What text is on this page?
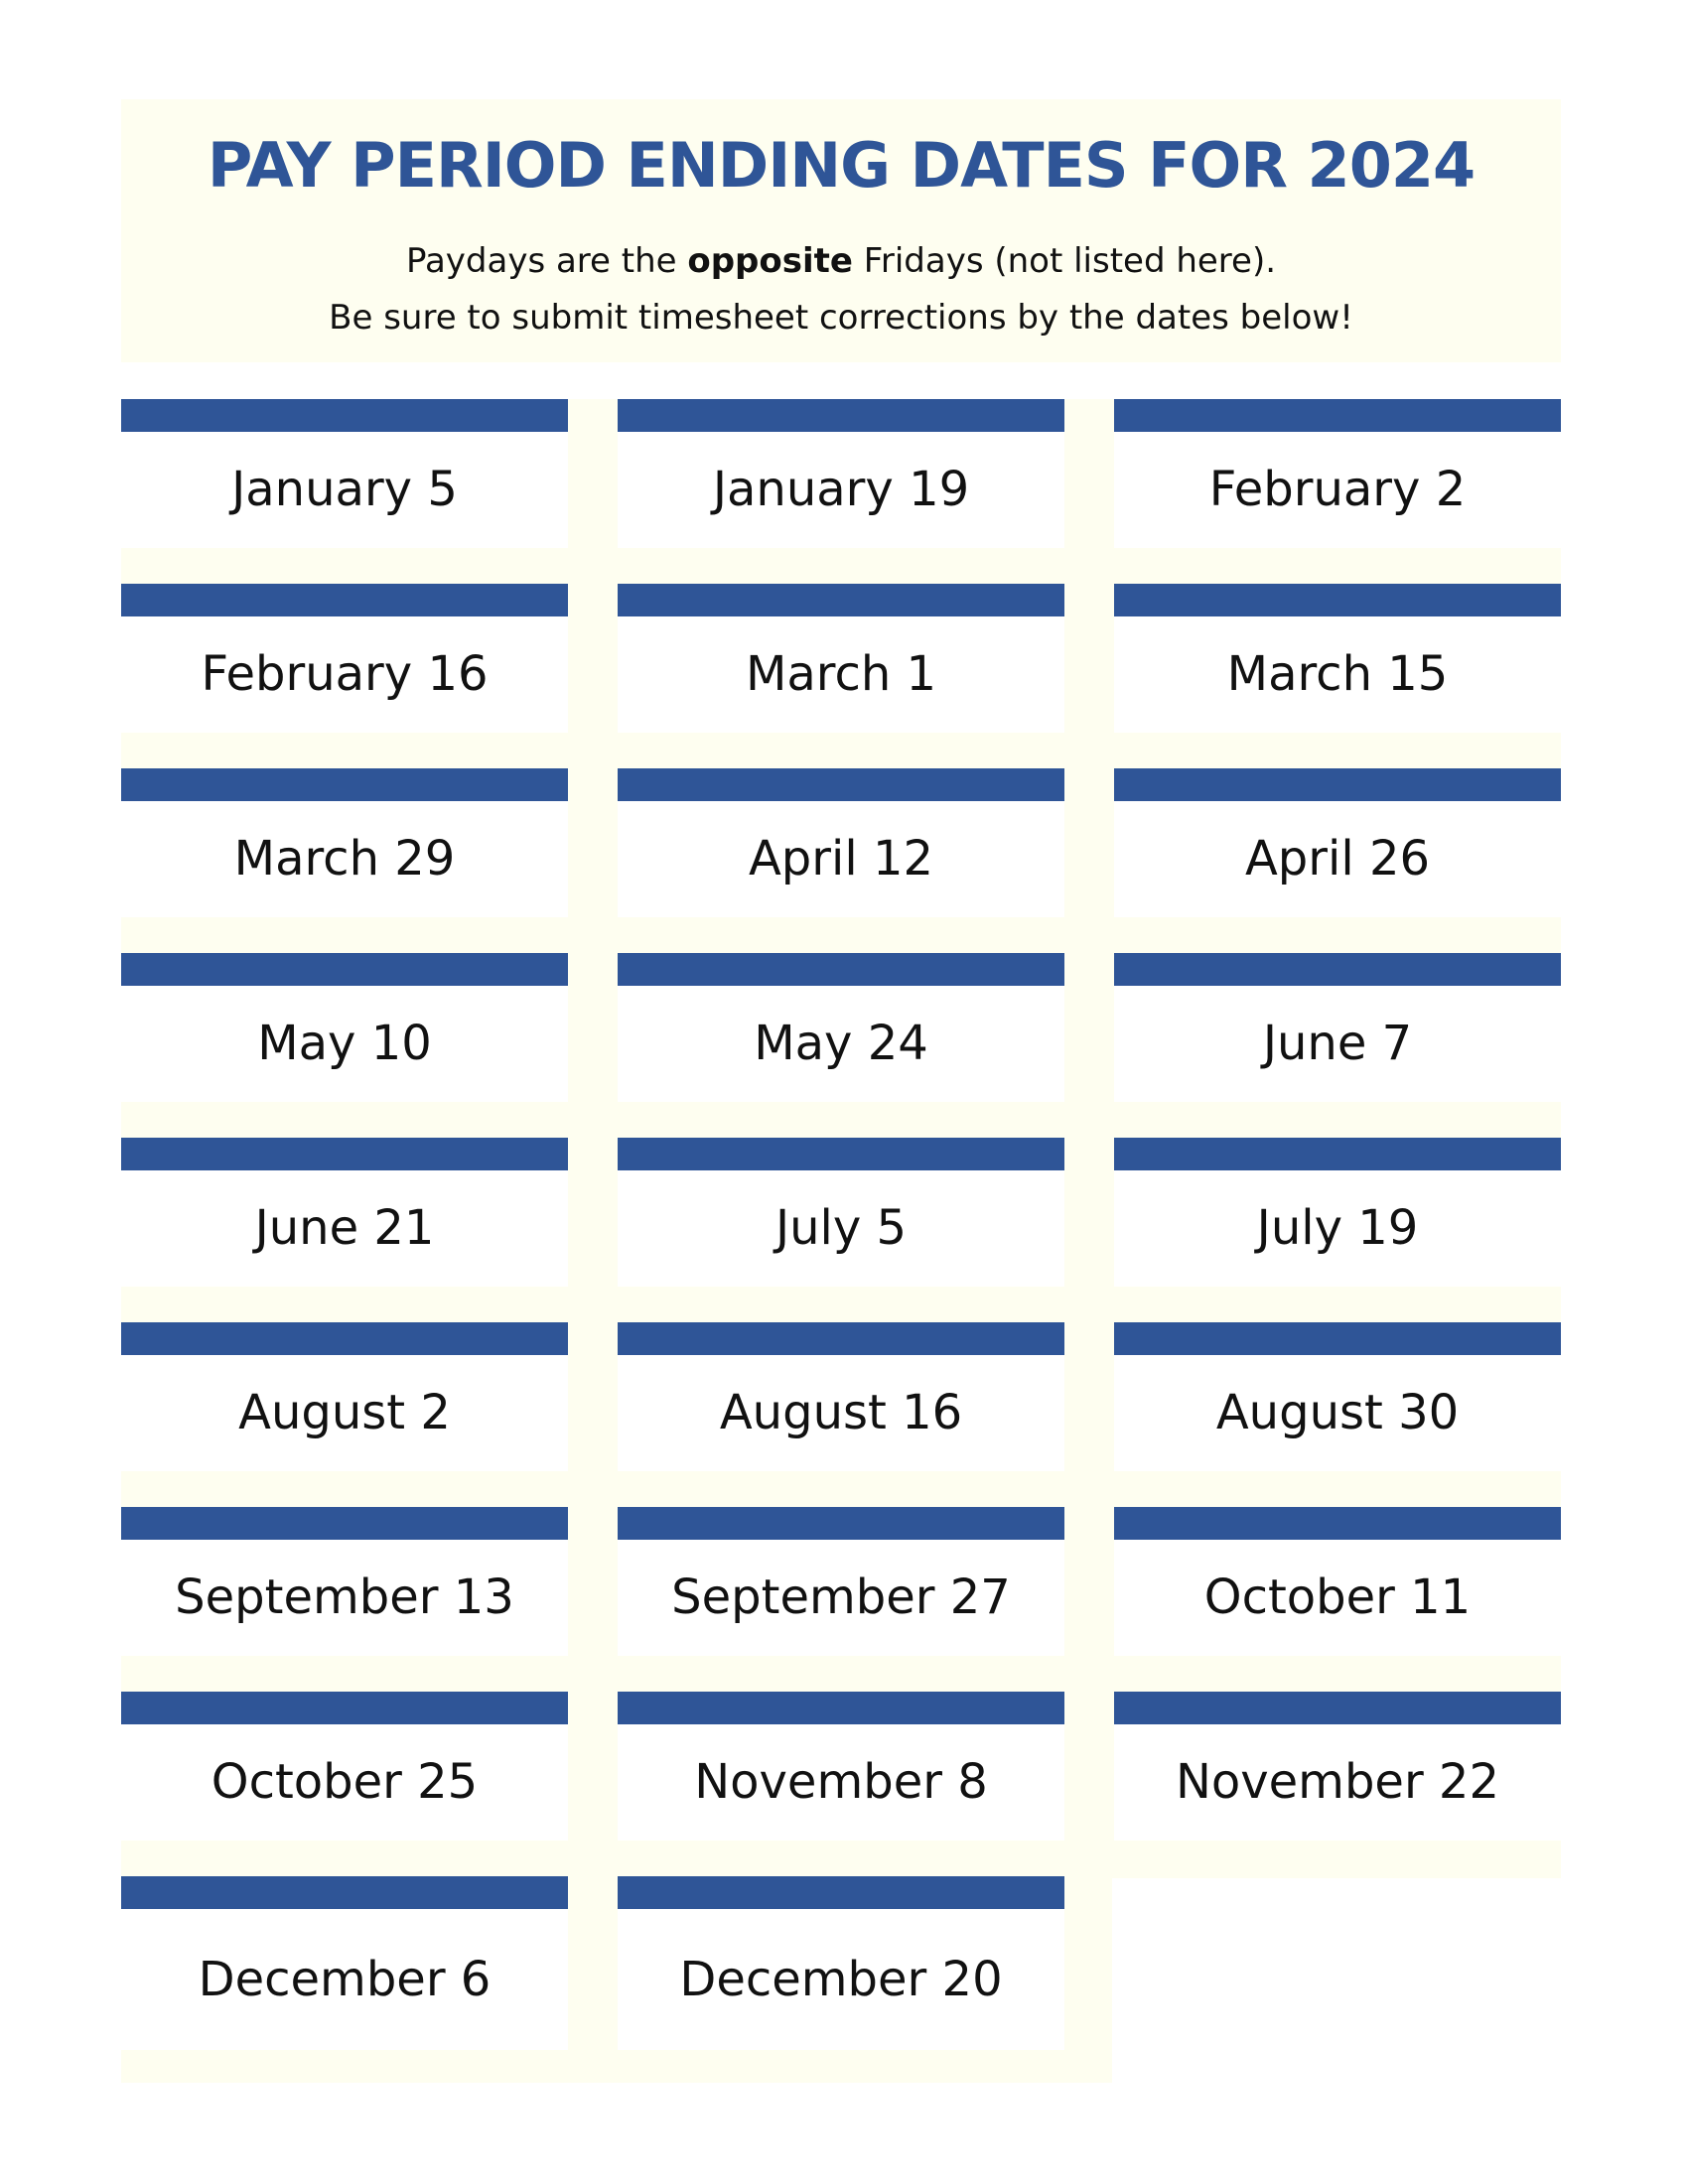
PAY PERIOD ENDING DATES FOR 2024

Paydays are the opposite Fridays (not listed here).

Be sure to submit timesheet corrections by the dates below!

January 5	January 19	February 2
February 16	March 1	March 15
March 29	April 12	April 26
May 10	May 24	June 7
June 21	July 5	July 19
August 2	August 16	August 30
September 13	September 27	October 11
October 25	November 8	November 22
December 6	December 20
